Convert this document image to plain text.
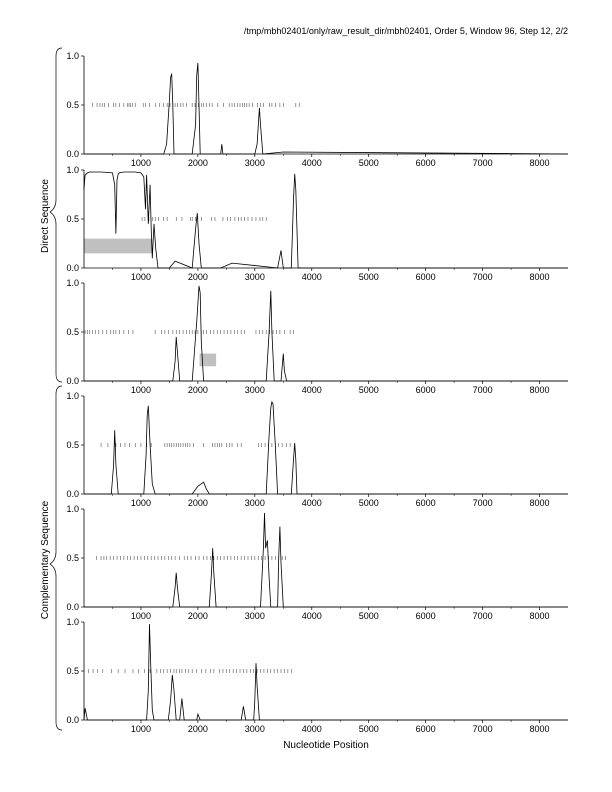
/tmp/mbh02401/only/raw_result_dir/mbh02401, Order 5, Window 96, Step 12, 2/2
0.0
0.5
1.0
1000	2000	3000	4000	5000	6000	7000	8000
0.0
0.5
1.0
1000	2000	3000	4000	5000	6000	7000	8000
0.0
0.5
1.0
1000	2000	3000	4000	5000	6000	7000	8000
0.0
0.5
1.0
1000	2000	3000	4000	5000	6000	7000	8000
0.0
0.5
1.0
1000	2000	3000	4000	5000	6000	7000	8000
0.0
0.5
1.0
1000	2000	3000	4000	5000	6000	7000	8000
Direct Sequence
Complementary Sequence
Nucleotide Position
